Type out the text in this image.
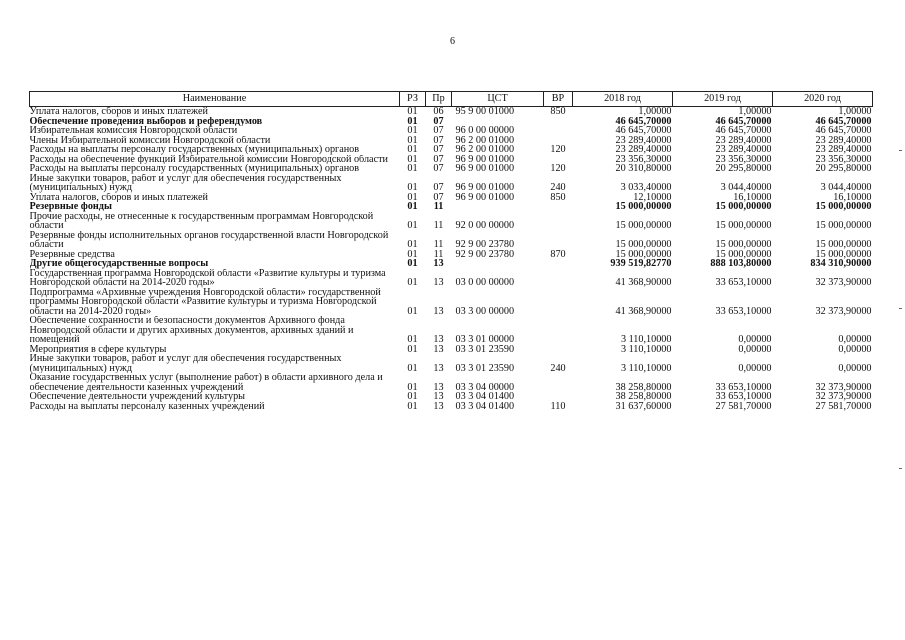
6
Наименование	РЗ	Пр	ЦСТ	ВР	2018 год	2019 год	2020 год
Уплата налогов, сборов и иных платежей	01	06	95 9 00 01000	850	1,00000	1,00000	1,00000
Обеспечение проведения выборов и референдумов	01	07			46 645,70000	46 645,70000	46 645,70000
Избирательная комиссия Новгородской области	01	07	96 0 00 00000		46 645,70000	46 645,70000	46 645,70000
Члены Избирательной комиссии Новгородской области	01	07	96 2 00 01000		23 289,40000	23 289,40000	23 289,40000
Расходы на выплаты персоналу государственных (муниципальных) органов	01	07	96 2 00 01000	120	23 289,40000	23 289,40000	23 289,40000
Расходы на обеспечение функций Избирательной комиссии Новгородской области	01	07	96 9 00 01000		23 356,30000	23 356,30000	23 356,30000
Расходы на выплаты персоналу государственных (муниципальных) органов	01	07	96 9 00 01000	120	20 310,80000	20 295,80000	20 295,80000
Иные закупки товаров, работ и услуг для обеспечения государственных (муниципальных) нужд	01	07	96 9 00 01000	240	3 033,40000	3 044,40000	3 044,40000
Уплата налогов, сборов и иных платежей	01	07	96 9 00 01000	850	12,10000	16,10000	16,10000
Резервные фонды	01	11			15 000,00000	15 000,00000	15 000,00000
Прочие расходы, не отнесенные к государственным программам Новгородской области	01	11	92 0 00 00000		15 000,00000	15 000,00000	15 000,00000
Резервные фонды исполнительных органов государственной власти Новгородской области	01	11	92 9 00 23780		15 000,00000	15 000,00000	15 000,00000
Резервные средства	01	11	92 9 00 23780	870	15 000,00000	15 000,00000	15 000,00000
Другие общегосударственные вопросы	01	13			939 519,82770	888 103,80000	834 310,90000
Государственная программа Новгородской области «Развитие культуры и туризма Новгородской области на 2014-2020 годы»	01	13	03 0 00 00000		41 368,90000	33 653,10000	32 373,90000
Подпрограмма «Архивные учреждения Новгородской области» государственной программы Новгородской области «Развитие культуры и туризма Новгородской области на 2014-2020 годы»	01	13	03 3 00 00000		41 368,90000	33 653,10000	32 373,90000
Обеспечение сохранности и безопасности документов Архивного фонда Новгородской области и других архивных документов, архивных зданий и помещений	01	13	03 3 01 00000		3 110,10000	0,00000	0,00000
Мероприятия в сфере культуры	01	13	03 3 01 23590		3 110,10000	0,00000	0,00000
Иные закупки товаров, работ и услуг для обеспечения государственных (муниципальных) нужд	01	13	03 3 01 23590	240	3 110,10000	0,00000	0,00000
Оказание государственных услуг (выполнение работ) в области архивного дела и обеспечение деятельности казенных учреждений	01	13	03 3 04 00000		38 258,80000	33 653,10000	32 373,90000
Обеспечение деятельности учреждений культуры	01	13	03 3 04 01400		38 258,80000	33 653,10000	32 373,90000
Расходы на выплаты персоналу казенных учреждений	01	13	03 3 04 01400	110	31 637,60000	27 581,70000	27 581,70000
